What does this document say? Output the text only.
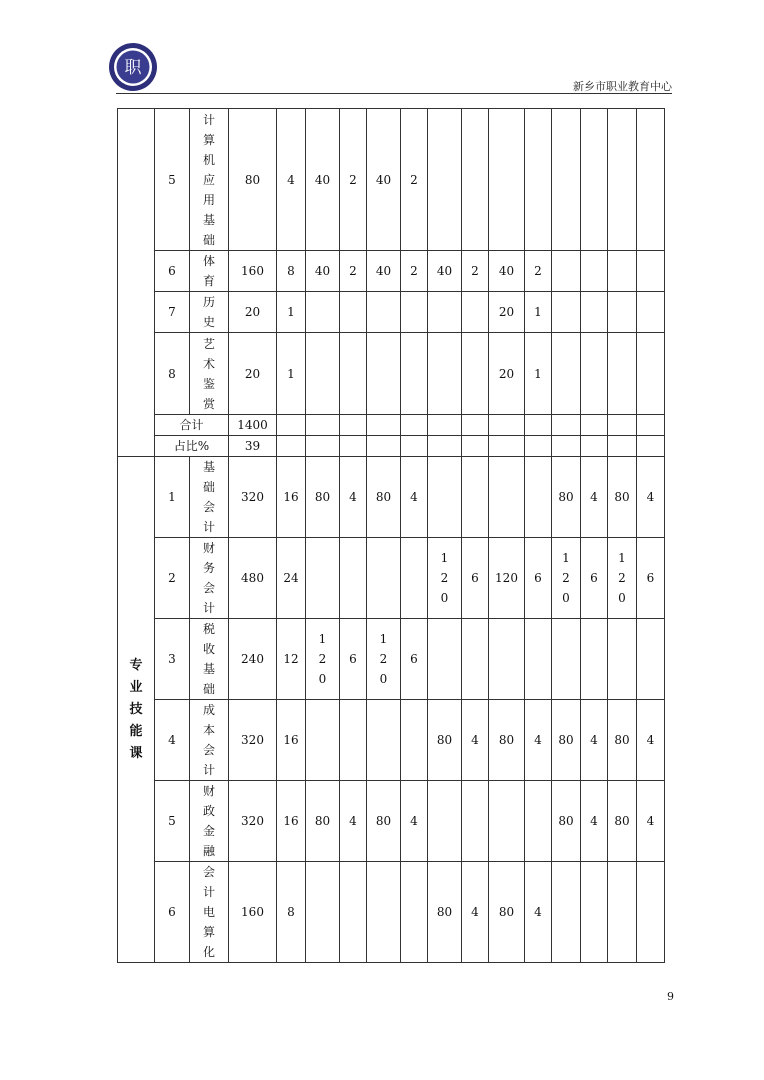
职
新乡市职业教育中心
	5	计算机应用基础	80	4	40	2	40	2								
	6	体育	160	8	40	2	40	2	40	2	40	2				
	7	历史	20	1							20	1				
	8	艺术鉴赏	20	1							20	1				
	合计		1400													
	占比%		39													
专业技能课	1	基础会计	320	16	80	4	80	4					80	4	80	4
	2	财务会计	480	24					120	6	120	6	120	6	120	6
	3	税收基础	240	12	120	6	120	6								
	4	成本会计	320	16					80	4	80	4	80	4	80	4
	5	财政金融	320	16	80	4	80	4					80	4	80	4
	6	会计电算化	160	8					80	4	80	4				
9
